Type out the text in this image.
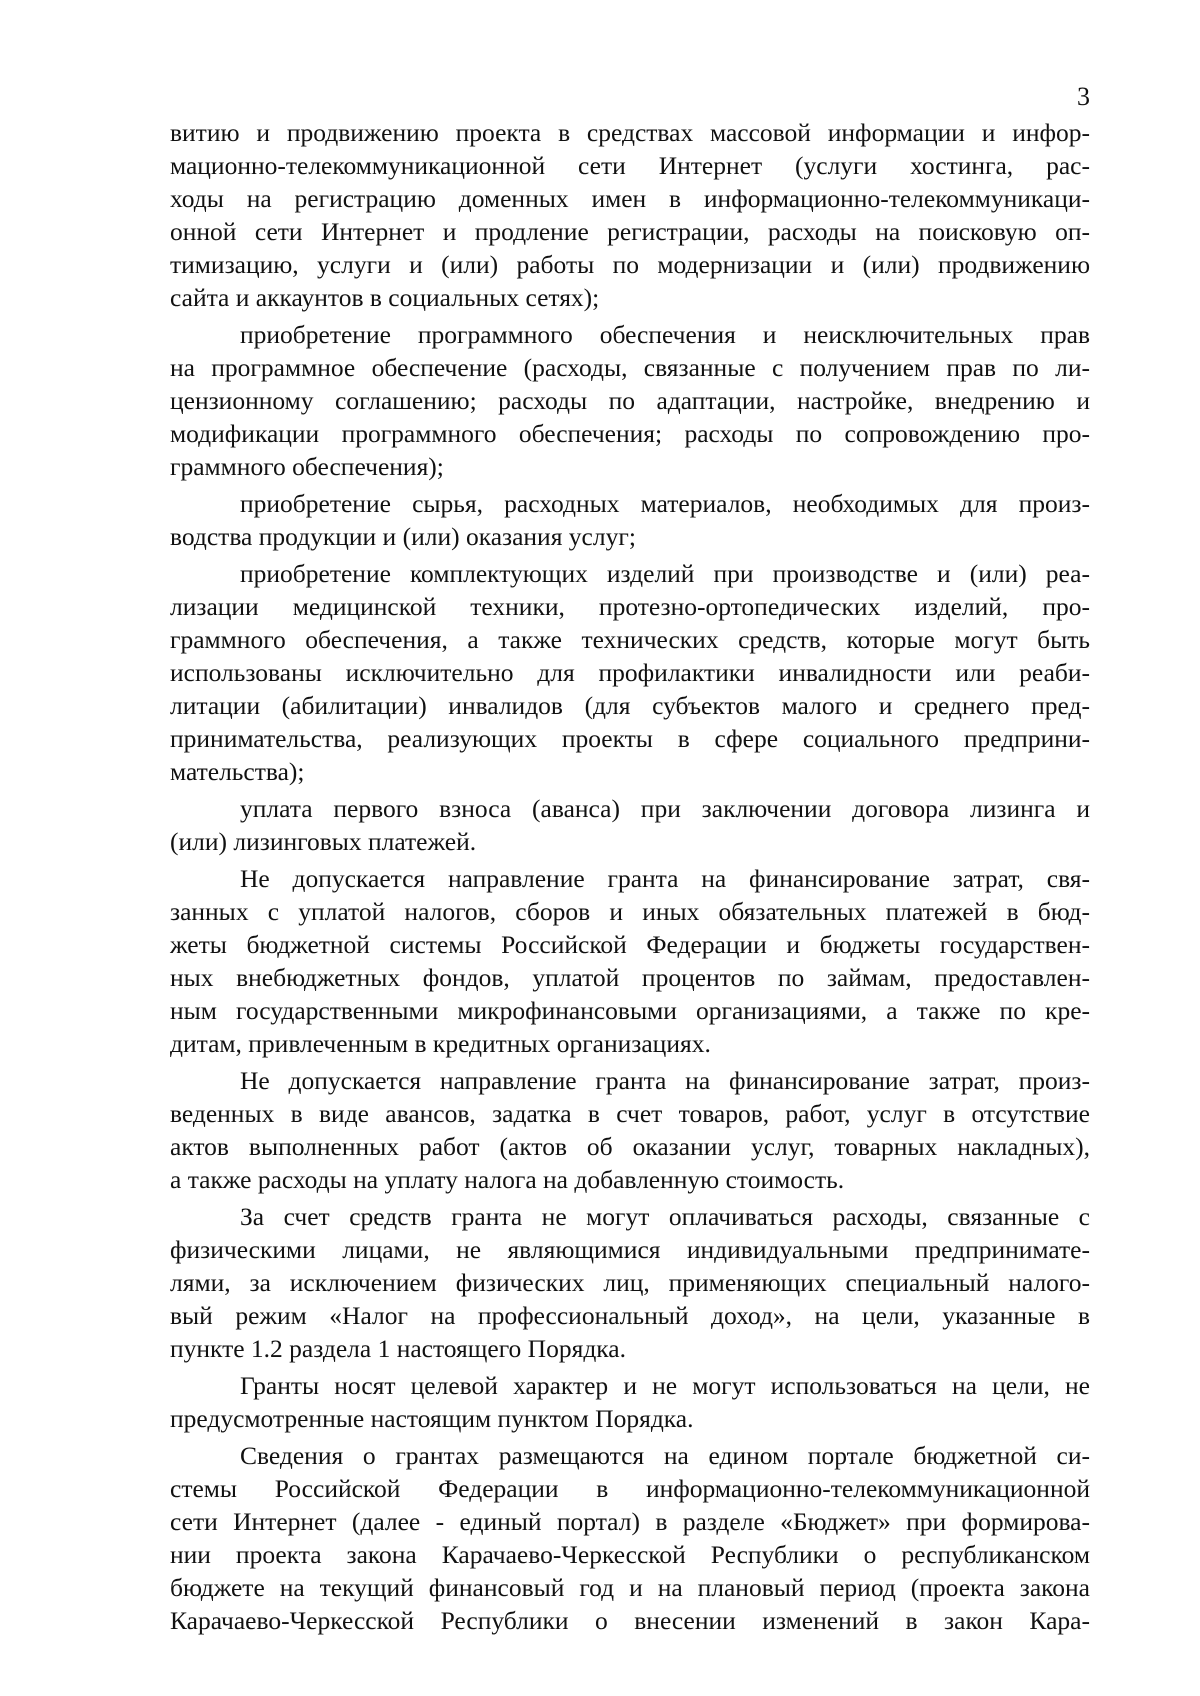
3
витию и продвижению проекта в средствах массовой информации и инфор-
мационно-телекоммуникационной сети Интернет (услуги хостинга, рас-
ходы на регистрацию доменных имен в информационно-телекоммуникаци-
онной сети Интернет и продление регистрации, расходы на поисковую оп-
тимизацию, услуги и (или) работы по модернизации и (или) продвижению
сайта и аккаунтов в социальных сетях);
приобретение программного обеспечения и неисключительных прав
на программное обеспечение (расходы, связанные с получением прав по ли-
цензионному соглашению; расходы по адаптации, настройке, внедрению и
модификации программного обеспечения; расходы по сопровождению про-
граммного обеспечения);
приобретение сырья, расходных материалов, необходимых для произ-
водства продукции и (или) оказания услуг;
приобретение комплектующих изделий при производстве и (или) реа-
лизации медицинской техники, протезно-ортопедических изделий, про-
граммного обеспечения, а также технических средств, которые могут быть
использованы исключительно для профилактики инвалидности или реаби-
литации (абилитации) инвалидов (для субъектов малого и среднего пред-
принимательства, реализующих проекты в сфере социального предприни-
мательства);
уплата первого взноса (аванса) при заключении договора лизинга и
(или) лизинговых платежей.
Не допускается направление гранта на финансирование затрат, свя-
занных с уплатой налогов, сборов и иных обязательных платежей в бюд-
жеты бюджетной системы Российской Федерации и бюджеты государствен-
ных внебюджетных фондов, уплатой процентов по займам, предоставлен-
ным государственными микрофинансовыми организациями, а также по кре-
дитам, привлеченным в кредитных организациях.
Не допускается направление гранта на финансирование затрат, произ-
веденных в виде авансов, задатка в счет товаров, работ, услуг в отсутствие
актов выполненных работ (актов об оказании услуг, товарных накладных),
а также расходы на уплату налога на добавленную стоимость.
За счет средств гранта не могут оплачиваться расходы, связанные с
физическими лицами, не являющимися индивидуальными предпринимате-
лями, за исключением физических лиц, применяющих специальный налого-
вый режим «Налог на профессиональный доход», на цели, указанные в
пункте 1.2 раздела 1 настоящего Порядка.
Гранты носят целевой характер и не могут использоваться на цели, не
предусмотренные настоящим пунктом Порядка.
Сведения о грантах размещаются на едином портале бюджетной си-
стемы Российской Федерации в информационно-телекоммуникационной
сети Интернет (далее - единый портал) в разделе «Бюджет» при формирова-
нии проекта закона Карачаево-Черкесской Республики о республиканском
бюджете на текущий финансовый год и на плановый период (проекта закона
Карачаево-Черкесской Республики о внесении изменений в закон Кара-
